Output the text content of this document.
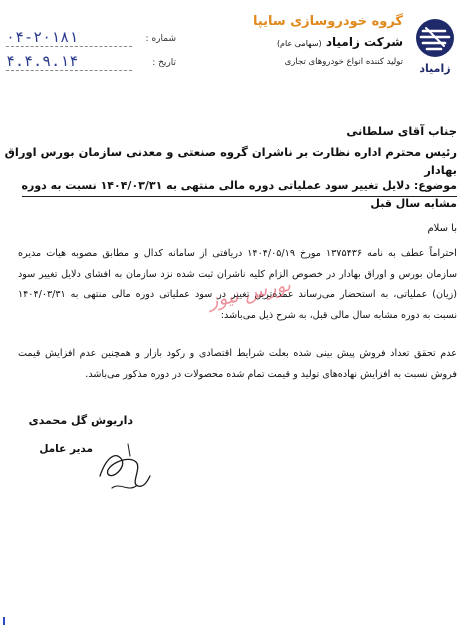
زامیاد
گروه خودروسازی سایپا
شرکت زامیاد (سهامی عام)
تولید کننده انواع خودروهای تجاری
شماره :
۰۴-۲۰۱۸۱
تاریخ :
۴.۴.۹.۱۴
جناب آقای سلطانی
رئیس محترم اداره نظارت بر ناشران گروه صنعتی و معدنی سازمان بورس اوراق بهادار
موضوع: دلایل تغییر سود عملیاتی دوره مالی منتهی به ۱۴۰۴/۰۳/۳۱ نسبت به دوره مشابه سال قبل
با سلام
احتراماً عطف به نامه ۱۳۷۵۴۳۶ مورخ ۱۴۰۴/۰۵/۱۹ دریافتی از سامانه کدال و مطابق مصوبه هیات مدیره سازمان بورس و اوراق بهادار در خصوص الزام کلیه ناشران ثبت شده نزد سازمان به افشای دلایل تغییر سود (زیان) عملیاتی، به استحضار می‌رساند عمده‌ترین تغییر در سود عملیاتی دوره مالی منتهی به ۱۴۰۴/۰۳/۳۱ نسبت به دوره مشابه سال مالی قبل، به شرح ذیل می‌باشد:
عدم تحقق تعداد فروش پیش بینی شده بعلت شرایط اقتصادی و رکود بازار و همچنین عدم افزایش قیمت فروش نسبت به افزایش نهاده‌های تولید و قیمت تمام شده محصولات در دوره مذکور می‌باشد.
بورس نیوز
داریوش گل محمدی
مدیر عامل
